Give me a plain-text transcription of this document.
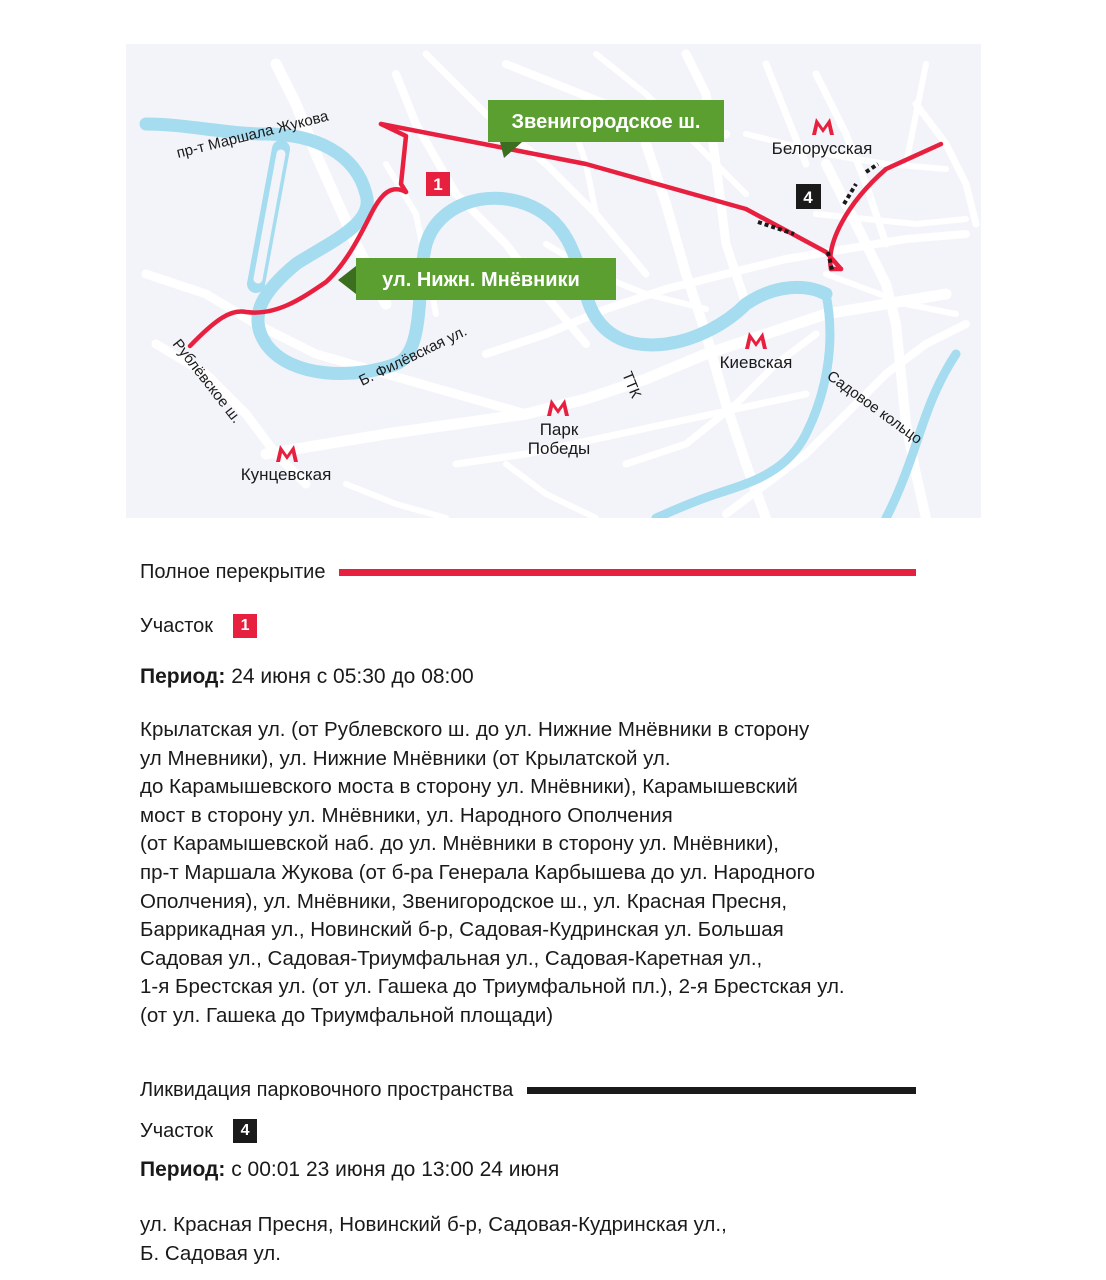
1
4
Звенигородское ш.
ул. Нижн. Мнёвники
Белорусская
Киевская
Парк
Победы
Кунцевская
пр-т Маршала Жукова
Рублёвское ш.	Б. Филёвская ул.	ТТК	Садовое кольцо
Полное перекрытие
Участок	1
Период: 24 июня с 05:30 до 08:00
Крылатская ул. (от Рублевского ш. до ул. Нижние Мнёвники в сторону
ул Мневники), ул. Нижние Мнёвники (от Крылатской ул.
до Карамышевского моста в сторону ул. Мнёвники), Карамышевский
мост в сторону ул. Мнёвники, ул. Народного Ополчения
(от Карамышевской наб. до ул. Мнёвники в сторону ул. Мнёвники),
пр-т Маршала Жукова (от б-ра Генерала Карбышева до ул. Народного
Ополчения), ул. Мнёвники, Звенигородское ш., ул. Красная Пресня,
Баррикадная ул., Новинский б-р, Садовая-Кудринская ул. Большая
Садовая ул., Садовая-Триумфальная ул., Садовая-Каретная ул.,
1-я Брестская ул. (от ул. Гашека до Триумфальной пл.), 2-я Брестская ул.
(от ул. Гашека до Триумфальной площади)
Ликвидация парковочного пространства
Участок	4
Период: с 00:01 23 июня до 13:00 24 июня
ул. Красная Пресня, Новинский б-р, Садовая-Кудринская ул.,
Б. Садовая ул.
